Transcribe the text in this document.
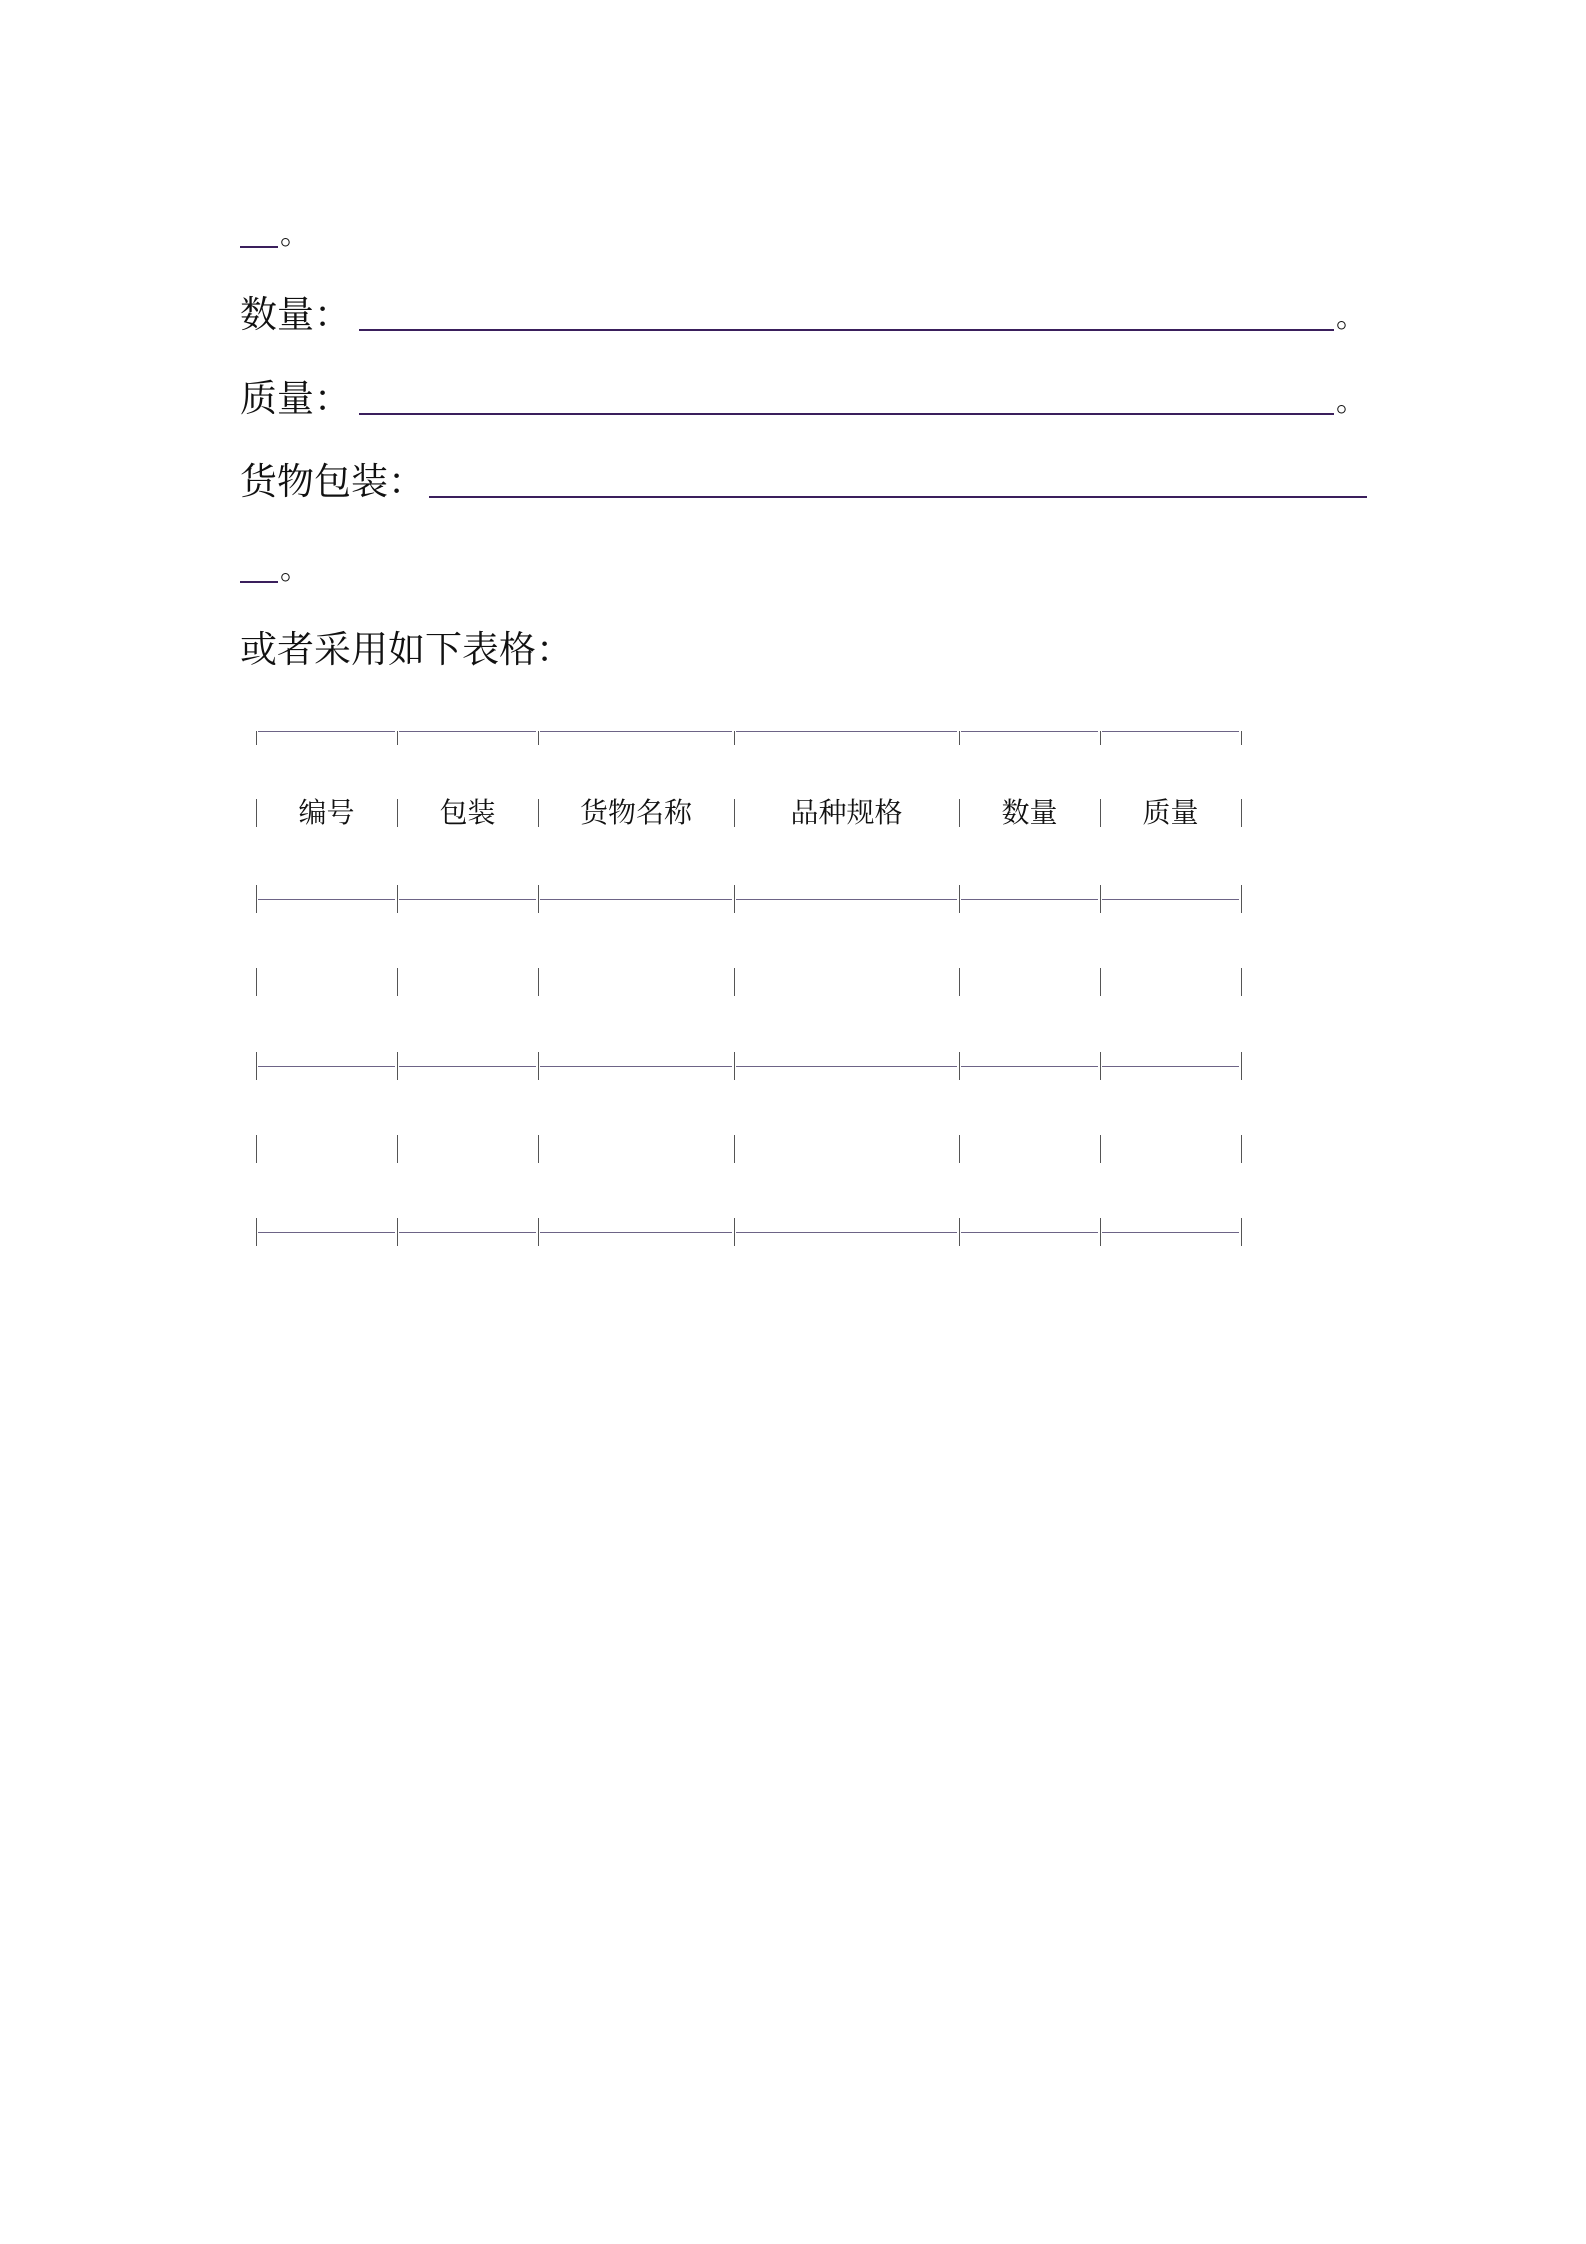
。
数量：	。
质量：	。
货物包装：
。
或者采用如下表格：
编号	包装	货物名称	品种规格	数量	质量
